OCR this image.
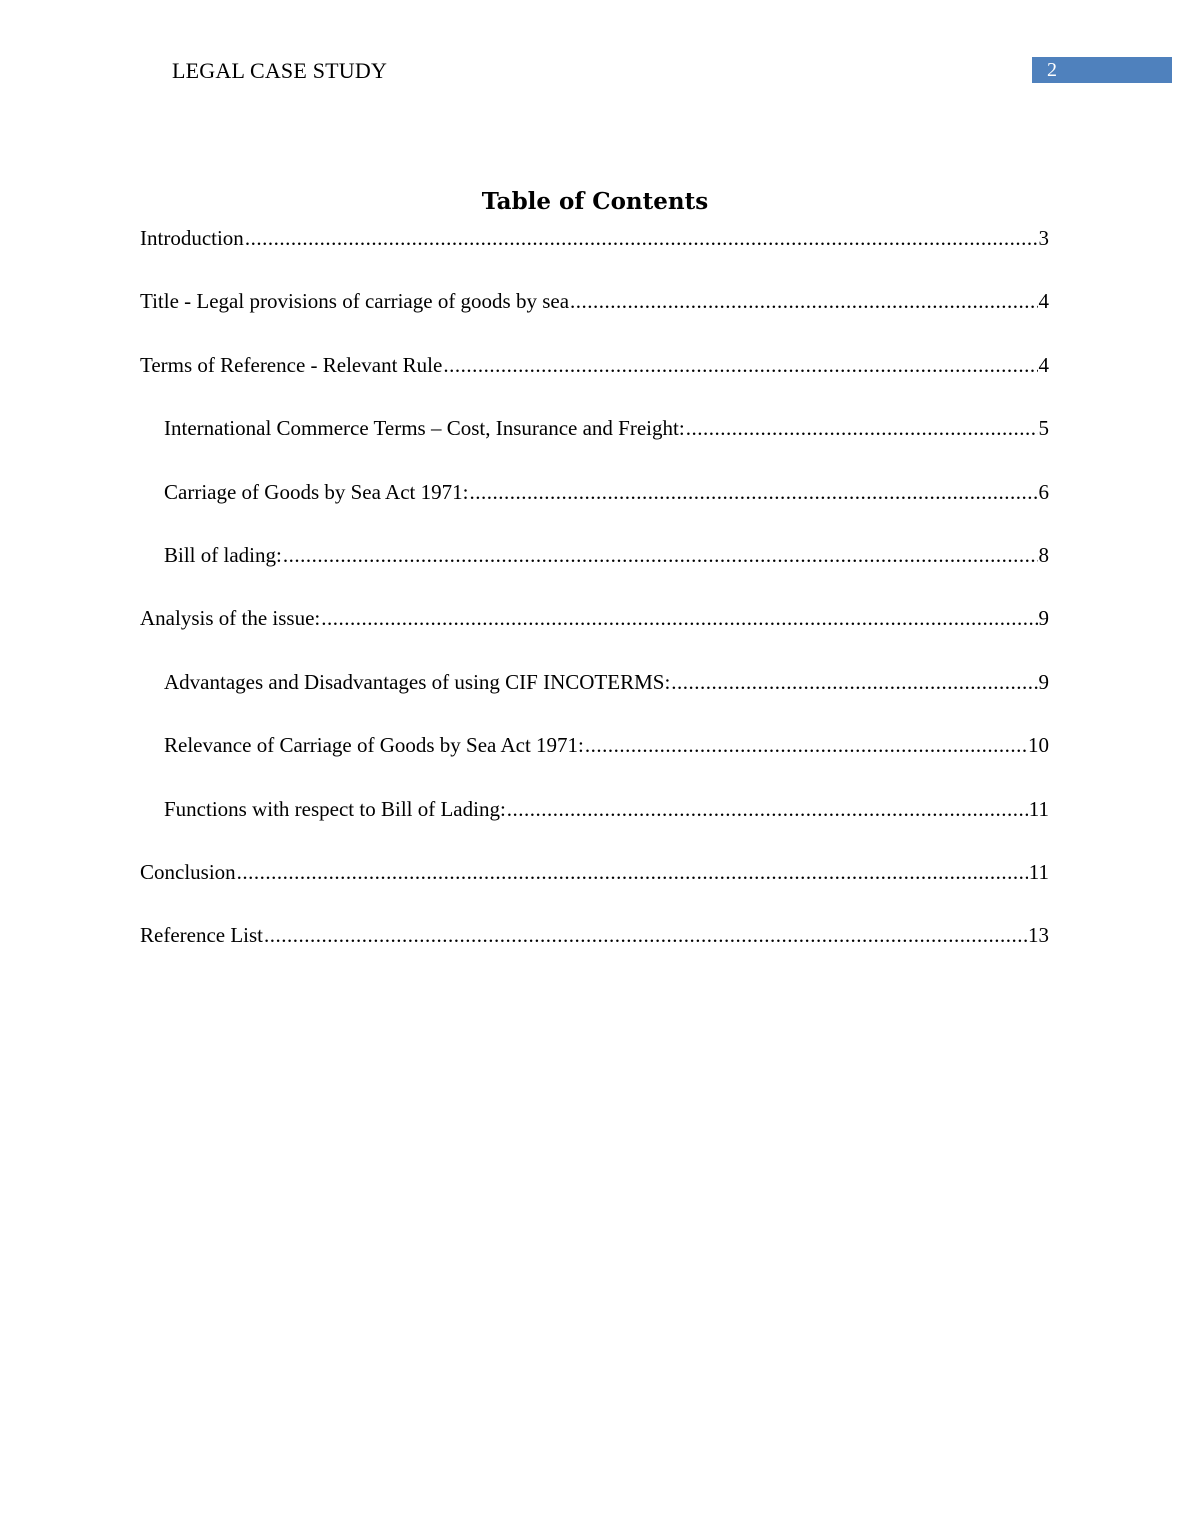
LEGAL CASE STUDY	2
Table of Contents
Introduction .....	3
Title - Legal provisions of carriage of goods by sea .....	4
Terms of Reference - Relevant Rule .....	4
International Commerce Terms – Cost, Insurance and Freight: .....	5
Carriage of Goods by Sea Act 1971: .....	6
Bill of lading: .....	8
Analysis of the issue: .....	9
Advantages and Disadvantages of using CIF INCOTERMS: .....	9
Relevance of Carriage of Goods by Sea Act 1971: .....	10
Functions with respect to Bill of Lading: .....	11
Conclusion .....	11
Reference List .....	13
